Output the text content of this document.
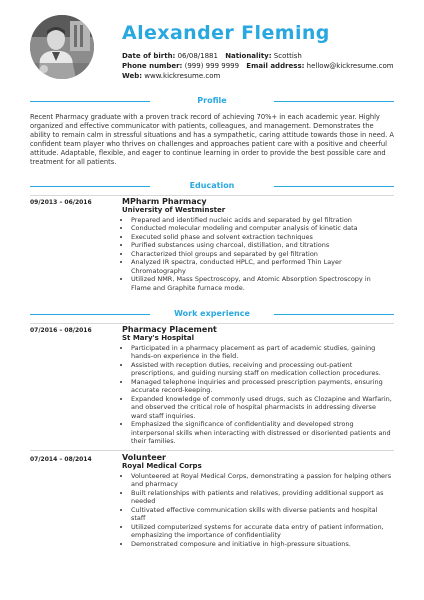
Alexander Fleming
Date of birth: 06/08/1881 Nationality: Scottish
Phone number: (999) 999 9999 Email address: hellow@kickresume.com
Web: www.kickresume.com
Profile
Recent Pharmacy graduate with a proven track record of achieving 70%+ in each academic year. Highly organized and effective communicator with patients, colleagues, and management. Demonstrates the ability to remain calm in stressful situations and has a sympathetic, caring attitude towards those in need. A confident team player who thrives on challenges and approaches patient care with a positive and cheerful attitude. Adaptable, flexible, and eager to continue learning in order to provide the best possible care and treatment for all patients.
Education
09/2013 – 06/2016	MPharm Pharmacy
University of Westminster
• Prepared and identified nucleic acids and separated by gel filtration
• Conducted molecular modeling and computer analysis of kinetic data
• Executed solid phase and solvent extraction techniques
• Purified substances using charcoal, distillation, and titrations
• Characterized thiol groups and separated by gel filtration
• Analyzed IR spectra, conducted HPLC, and performed Thin Layer Chromatography
• Utilized NMR, Mass Spectroscopy, and Atomic Absorption Spectroscopy in Flame and Graphite furnace mode.
Work experience
07/2016 – 08/2016	Pharmacy Placement
St Mary's Hospital
• Participated in a pharmacy placement as part of academic studies, gaining hands-on experience in the field.
• Assisted with reception duties, receiving and processing out-patient prescriptions, and guiding nursing staff on medication collection procedures.
• Managed telephone inquiries and processed prescription payments, ensuring accurate record-keeping.
• Expanded knowledge of commonly used drugs, such as Clozapine and Warfarin, and observed the critical role of hospital pharmacists in addressing diverse ward staff inquiries.
• Emphasized the significance of confidentiality and developed strong interpersonal skills when interacting with distressed or disoriented patients and their families.
07/2014 – 08/2014	Volunteer
Royal Medical Corps
• Volunteered at Royal Medical Corps, demonstrating a passion for helping others and pharmacy
• Built relationships with patients and relatives, providing additional support as needed
• Cultivated effective communication skills with diverse patients and hospital staff
• Utilized computerized systems for accurate data entry of patient information, emphasizing the importance of confidentiality
• Demonstrated composure and initiative in high-pressure situations.
